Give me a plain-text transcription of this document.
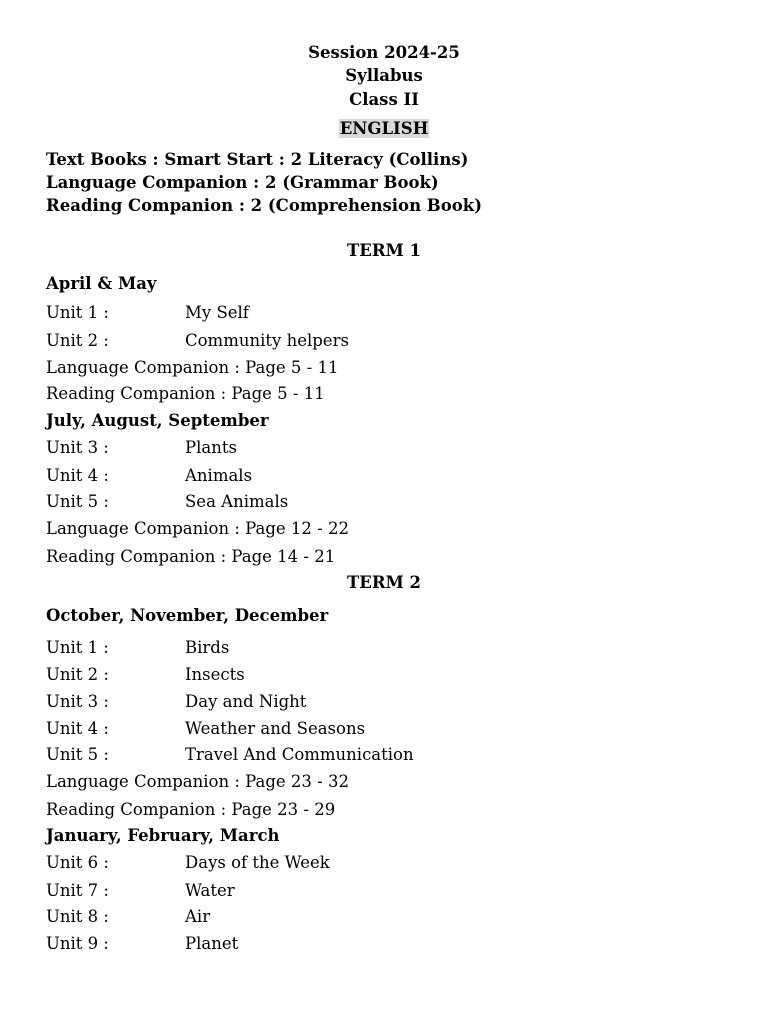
Session 2024-25
Syllabus
Class II
ENGLISH
Text Books : Smart Start : 2 Literacy (Collins)
Language Companion : 2 (Grammar Book)
Reading Companion : 2 (Comprehension Book)
TERM 1
April & May
Unit 1 :	My Self
Unit 2 :	Community helpers
Language Companion : Page 5 - 11
Reading Companion : Page 5 - 11
July, August, September
Unit 3 :	Plants
Unit 4 :	Animals
Unit 5 :	Sea Animals
Language Companion : Page 12 - 22
Reading Companion : Page 14 - 21
TERM 2
October, November, December
Unit 1 :	Birds
Unit 2 :	Insects
Unit 3 :	Day and Night
Unit 4 :	Weather and Seasons
Unit 5 :	Travel And Communication
Language Companion : Page 23 - 32
Reading Companion : Page 23 - 29
January, February, March
Unit 6 :	Days of the Week
Unit 7 :	Water
Unit 8 :	Air
Unit 9 :	Planet
